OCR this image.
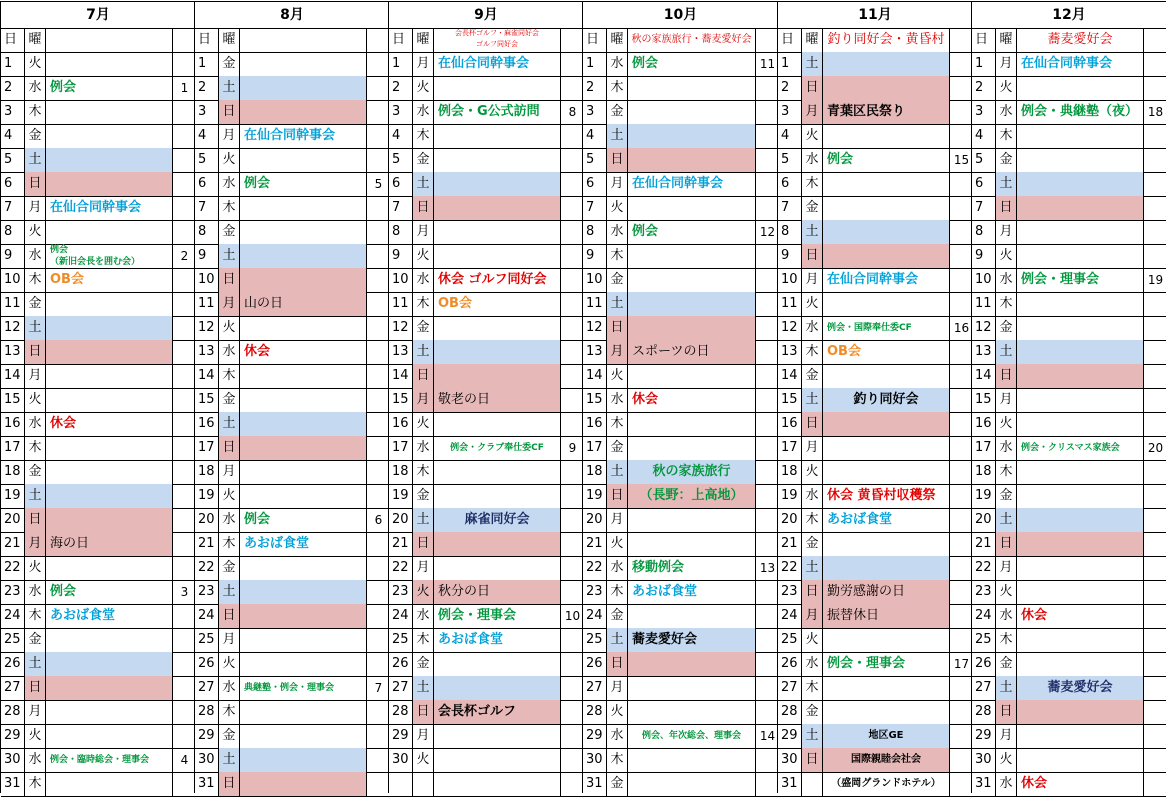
7月
日 曜
1	火
2	水 例会	1
3	木
4	金
5	土
6	日
7	月 在仙合同幹事会
8	火
9	水 例会
（新旧会長を囲む会）	2
10 木 OB会
11 金
12 土
13 日
14 月
15 火
16 水 休会
17 木
18 金
19 土
20 日
21 月 海の日
22 火
23 水 例会	3
24 木 あおば食堂
25 金
26 土
27 日
28 月
29 火
30 水 例会・臨時総会・理事会	4
31 木
8月
日 曜
1	金
2	土
3	日
4	月 在仙合同幹事会
5	火
6	水 例会	5
7	木
8	金
9	土
10 日
11 月 山の日
12 火
13 水 休会
14 木
15 金
16 土
17 日
18 月
19 火
20 水 例会	6
21 木 あおば食堂
22 金
23 土
24 日
25 月
26 火
27 水 典継塾・例会・理事会	7
28 木
29 金
30 土
31 日
9月
日 曜	会長杯ゴルフ・麻雀同好会
ゴルフ同好会
1	月 在仙合同幹事会
2	火
3	水 例会・G公式訪問	8
4	木
5	金
6	土
7	日
8	月
9	火
10 水 休会 ゴルフ同好会
11 木 OB会
12 金
13 土
14 日
15 月 敬老の日
16 火
17 水	例会・クラブ奉仕委CF	9
18 木
19 金
20 土	麻雀同好会
21 日
22 月
23 火 秋分の日
24 水 例会・理事会	10
25 木 あおば食堂
26 金
27 土
28 日 会長杯ゴルフ
29 月
30 火
10月
日 曜 秋の家族旅行・蕎麦愛好会
1	水 例会	11
2	木
3	金
4	土
5	日
6	月 在仙合同幹事会
7	火
8	水 例会	12
9	木
10 金
11 土
12 日
13 月 スポーツの日
14 火
15 水 休会
16 木
17 金
18 土	秋の家族旅行
19 日	（長野：上高地）
20 月
21 火
22 水 移動例会	13
23 木 あおば食堂
24 金
25 土 蕎麦愛好会
26 日
27 月
28 火
29 水	例会、年次総会、理事会	14
30 木
31 金
11月
日 曜 釣り同好会・黄昏村
1	土
2	日
3	月 青葉区民祭り
4	火
5	水 例会	15
6	木
7	金
8	土
9	日
10 月 在仙合同幹事会
11 火
12 水 例会・国際奉仕委CF	16
13 木 OB会
14 金
15 土	釣り同好会
16 日
17 月
18 火
19 水 休会 黄昏村収穫祭
20 木 あおば食堂
21 金
22 土
23 日 勤労感謝の日
24 月 振替休日
25 火
26 水 例会・理事会	17
27 木
28 金
29 土	地区GE
30 日	国際親睦会社会
31	（盛岡グランドホテル）
12月
日 曜	蕎麦愛好会
1	月 在仙合同幹事会
2	火
3	水 例会・典継塾（夜） 18
4	木
5	金
6	土
7	日
8	月
9	火
10 水 例会・理事会	19
11 木
12 金
13 土
14 日
15 月
16 火
17 水 例会・クリスマス家族会	20
18 木
19 金
20 土
21 日
22 月
23 火
24 水 休会
25 木
26 金
27 土	蕎麦愛好会
28 日
29 月
30 火
31 水 休会
